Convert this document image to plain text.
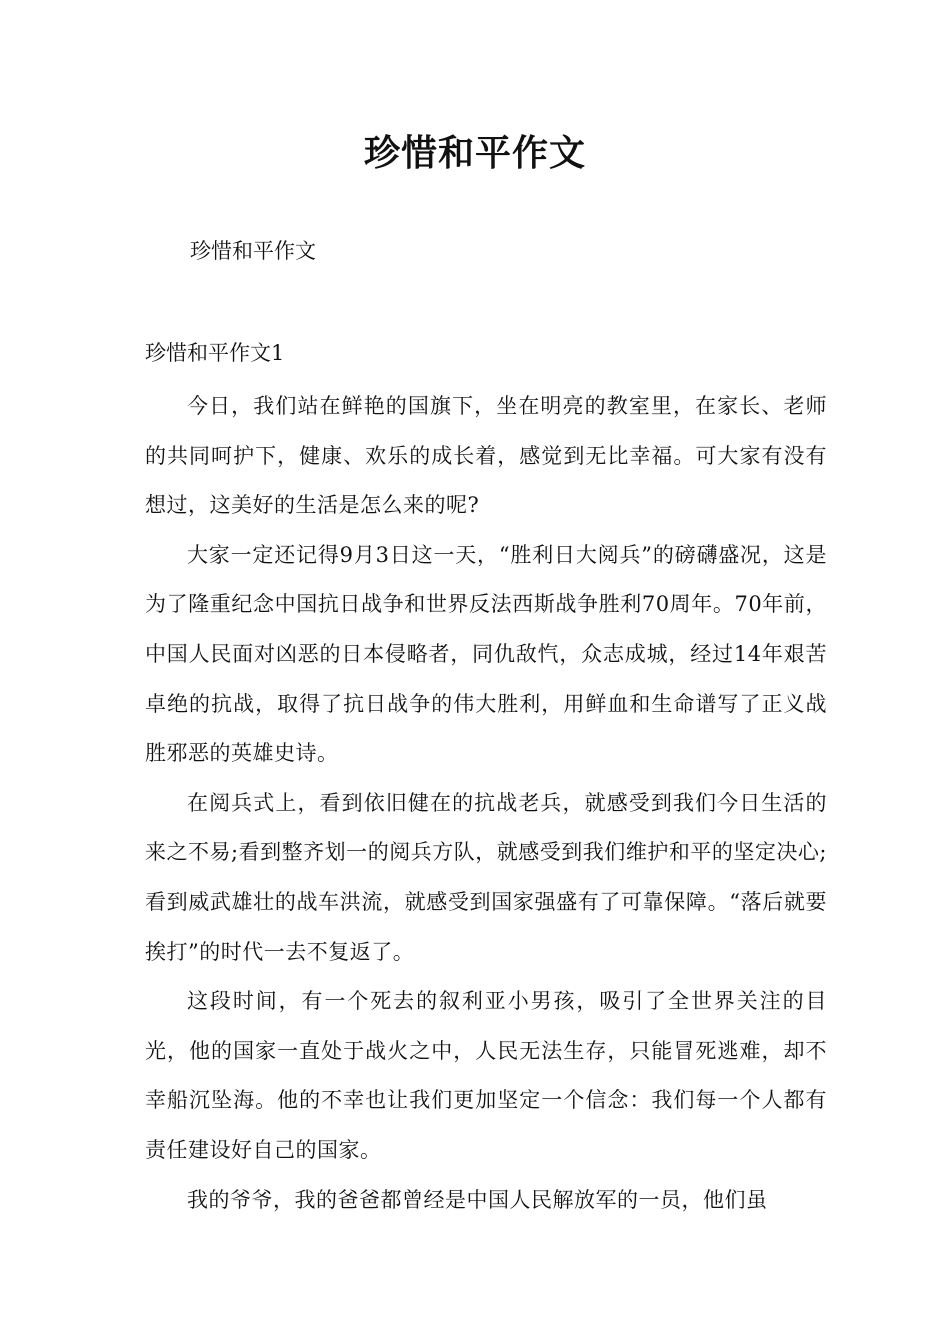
珍惜和平作文
珍惜和平作文
珍惜和平作文1

今日，我们站在鲜艳的国旗下，坐在明亮的教室里，在家长、老师的共同呵护下，健康、欢乐的成长着，感觉到无比幸福。可大家有没有想过，这美好的生活是怎么来的呢?

大家一定还记得9月3日这一天，“胜利日大阅兵”的磅礴盛况，这是为了隆重纪念中国抗日战争和世界反法西斯战争胜利70周年。70年前，中国人民面对凶恶的日本侵略者，同仇敌忾，众志成城，经过14年艰苦卓绝的抗战，取得了抗日战争的伟大胜利，用鲜血和生命谱写了正义战胜邪恶的英雄史诗。

在阅兵式上，看到依旧健在的抗战老兵，就感受到我们今日生活的来之不易;看到整齐划一的阅兵方队，就感受到我们维护和平的坚定决心;看到威武雄壮的战车洪流，就感受到国家强盛有了可靠保障。“落后就要挨打”的时代一去不复返了。

这段时间，有一个死去的叙利亚小男孩，吸引了全世界关注的目光，他的国家一直处于战火之中，人民无法生存，只能冒死逃难，却不幸船沉坠海。他的不幸也让我们更加坚定一个信念：我们每一个人都有责任建设好自己的国家。

我的爷爷，我的爸爸都曾经是中国人民解放军的一员，他们虽
